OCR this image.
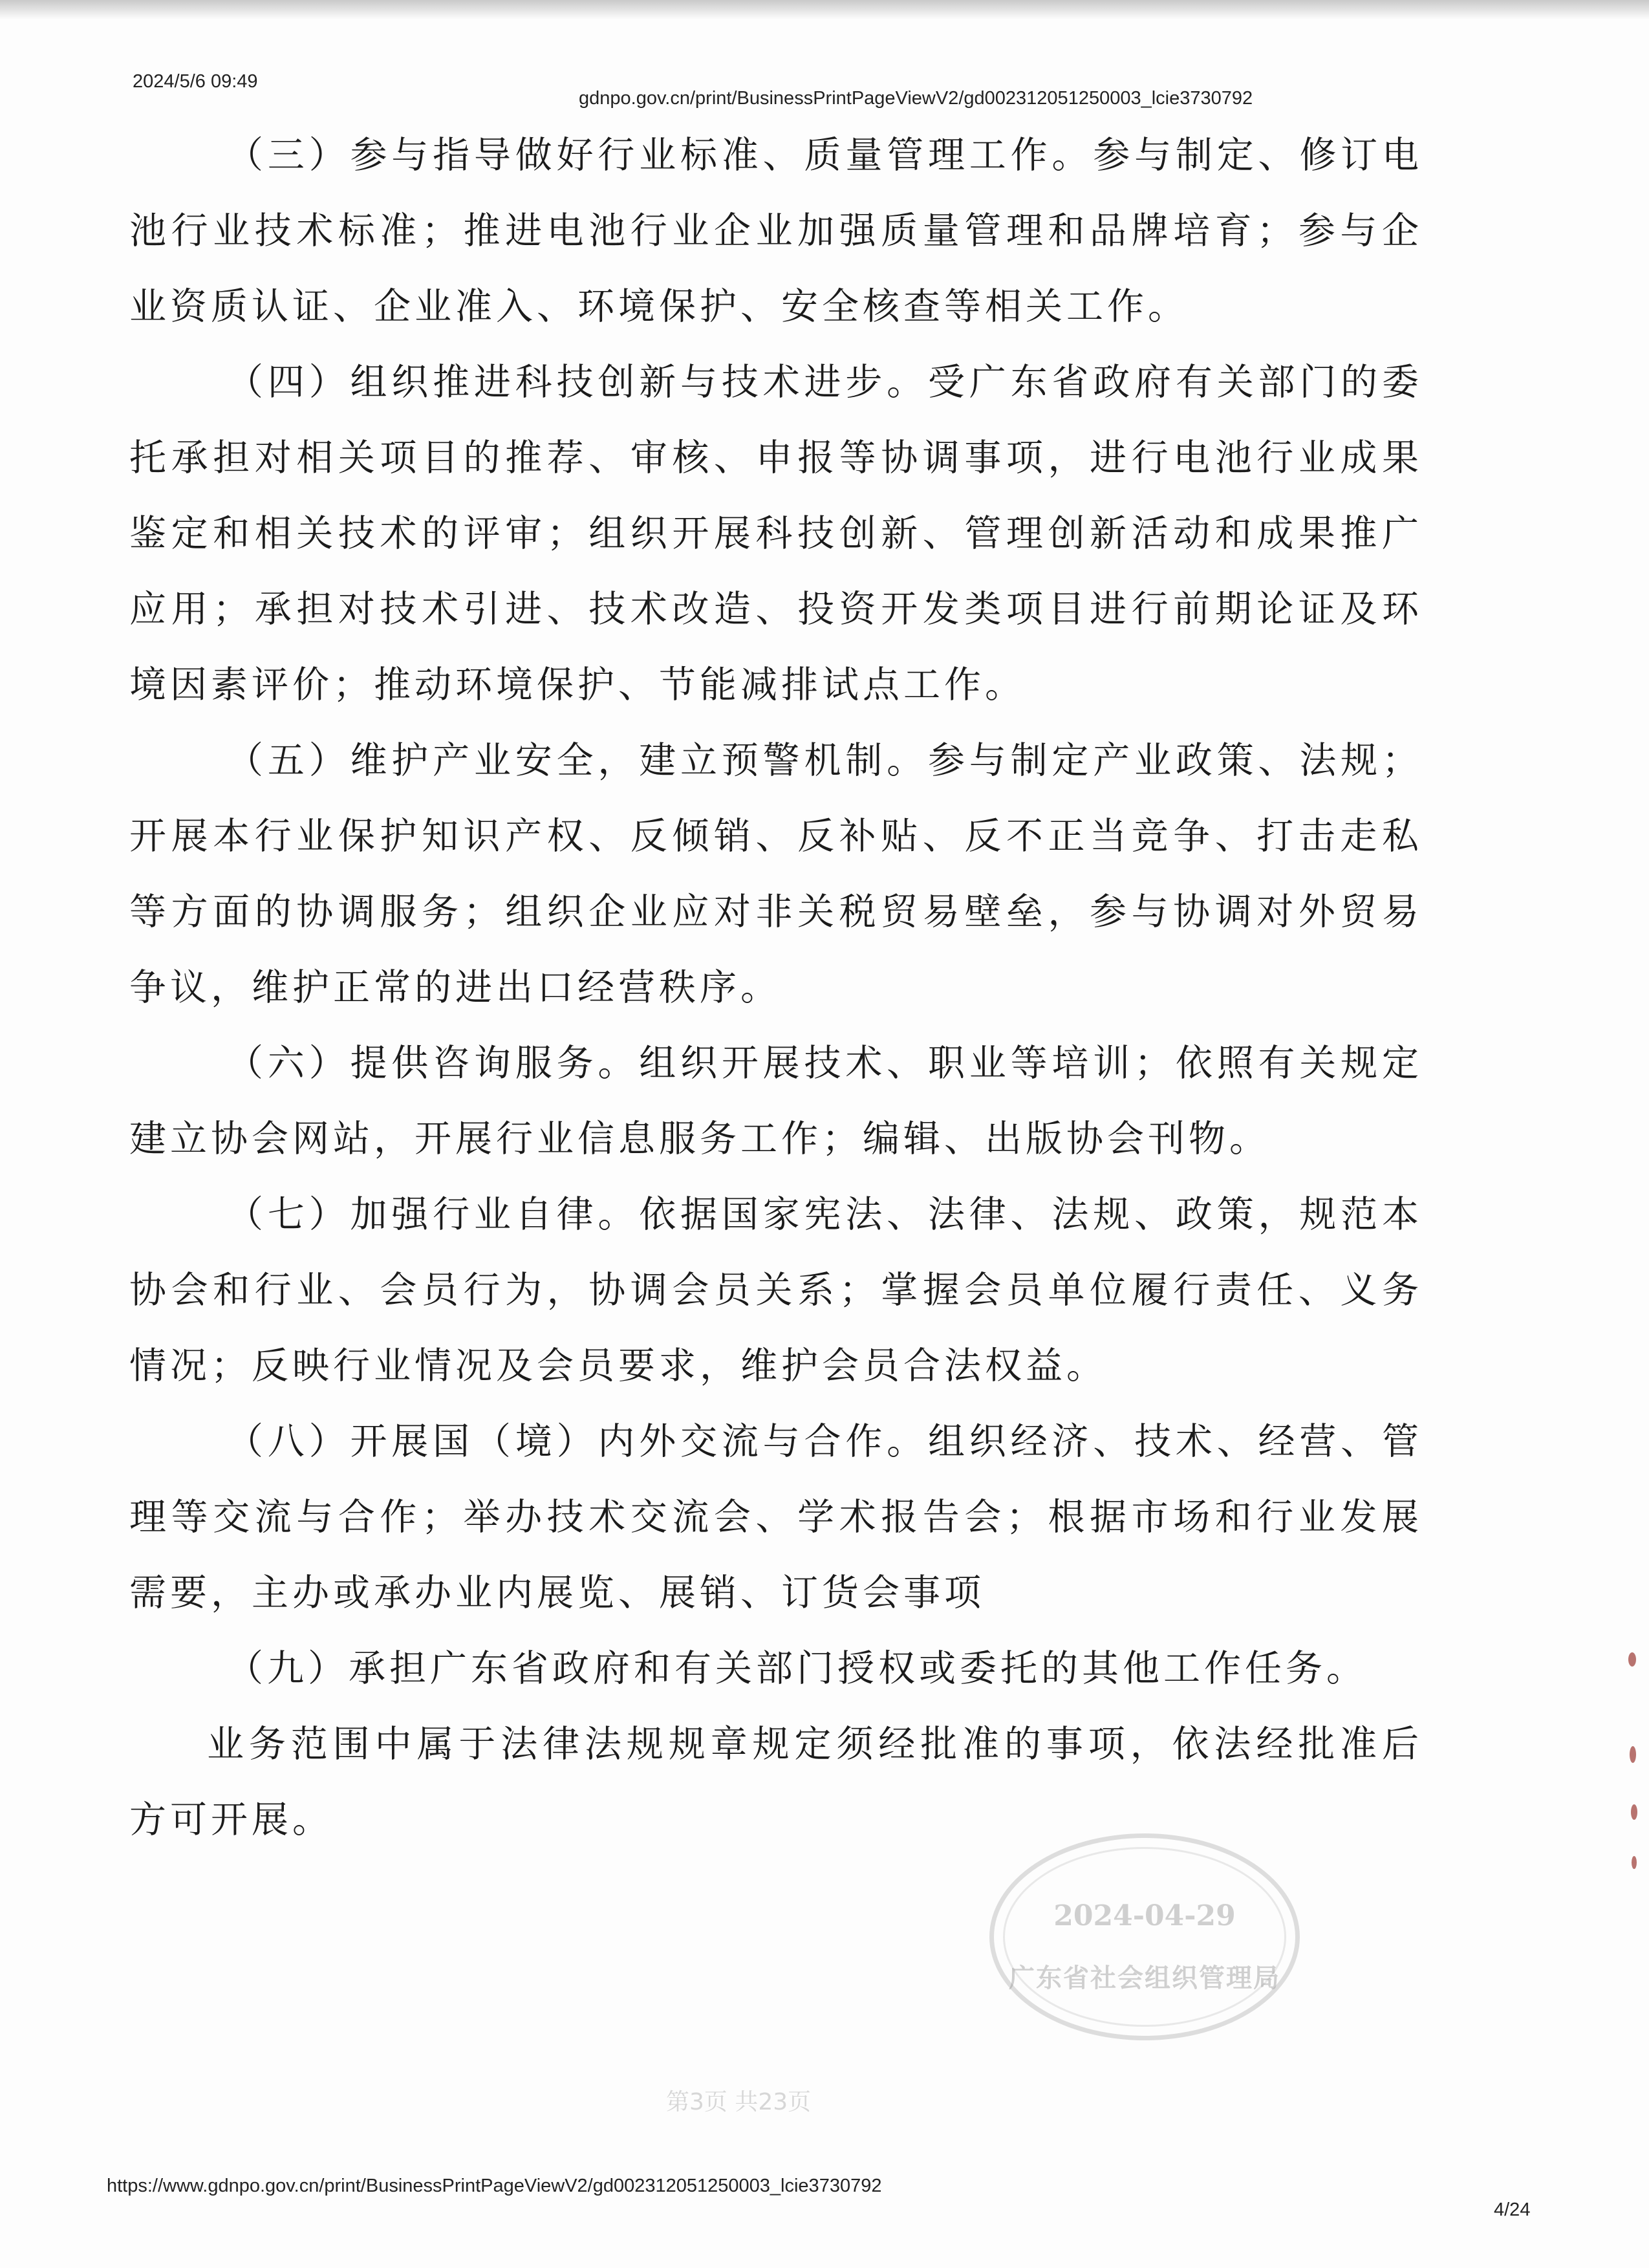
2024/5/6 09:49
gdnpo.gov.cn/print/BusinessPrintPageViewV2/gd002312051250003_lcie3730792

（三）参与指导做好行业标准、质量管理工作。参与制定、修订电池行业技术标准；推进电池行业企业加强质量管理和品牌培育；参与企业资质认证、企业准入、环境保护、安全核查等相关工作。

（四）组织推进科技创新与技术进步。受广东省政府有关部门的委托承担对相关项目的推荐、审核、申报等协调事项，进行电池行业成果鉴定和相关技术的评审；组织开展科技创新、管理创新活动和成果推广应用；承担对技术引进、技术改造、投资开发类项目进行前期论证及环境因素评价；推动环境保护、节能减排试点工作。

（五）维护产业安全，建立预警机制。参与制定产业政策、法规；开展本行业保护知识产权、反倾销、反补贴、反不正当竞争、打击走私等方面的协调服务；组织企业应对非关税贸易壁垒，参与协调对外贸易争议，维护正常的进出口经营秩序。

（六）提供咨询服务。组织开展技术、职业等培训；依照有关规定建立协会网站，开展行业信息服务工作；编辑、出版协会刊物。

（七）加强行业自律。依据国家宪法、法律、法规、政策，规范本协会和行业、会员行为，协调会员关系；掌握会员单位履行责任、义务情况；反映行业情况及会员要求，维护会员合法权益。

（八）开展国（境）内外交流与合作。组织经济、技术、经营、管理等交流与合作；举办技术交流会、学术报告会；根据市场和行业发展需要，主办或承办业内展览、展销、订货会事项

（九）承担广东省政府和有关部门授权或委托的其他工作任务。

业务范围中属于法律法规规章规定须经批准的事项，依法经批准后方可开展。

2024-04-29
广东省社会组织管理局
第3页 共23页
https://www.gdnpo.gov.cn/print/BusinessPrintPageViewV2/gd002312051250003_lcie3730792
4/24
